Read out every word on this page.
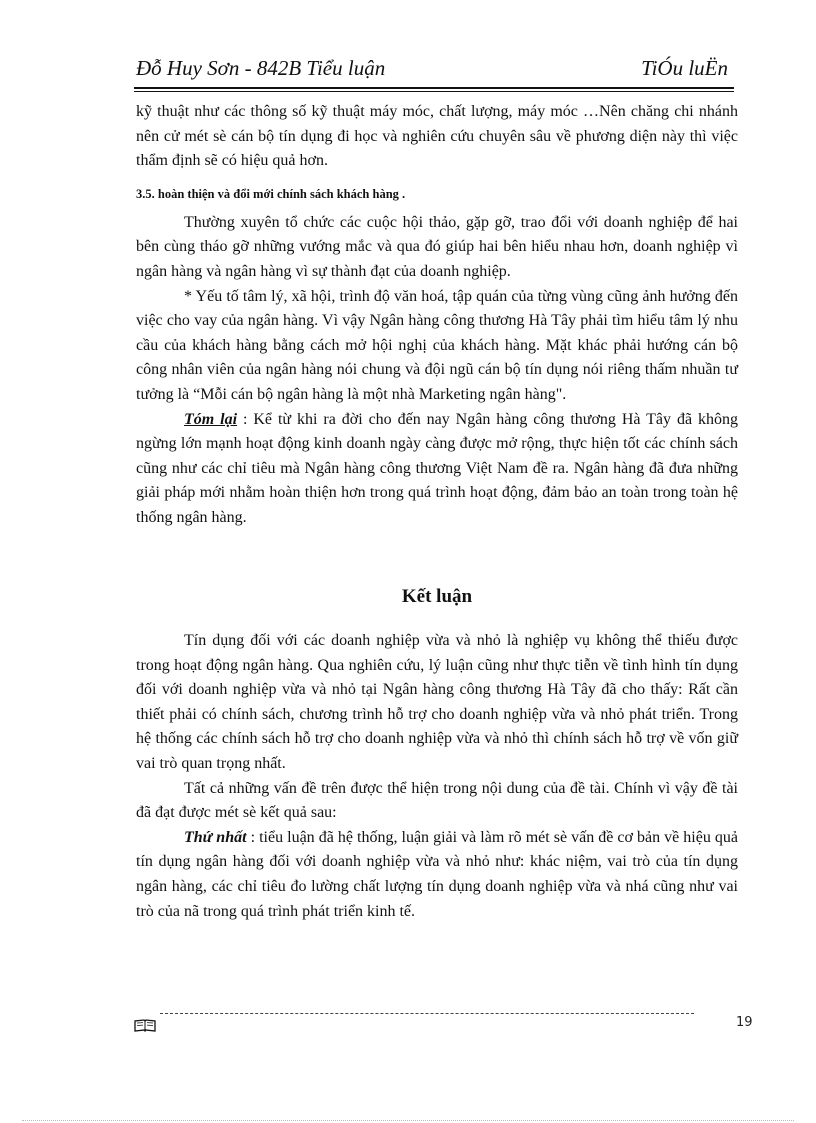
Đỗ Huy Sơn - 842B Tiểu luận	TiÓu luËn

kỹ thuật như các thông số kỹ thuật máy móc, chất lượng, máy móc …Nên chăng chi nhánh nên cử mét sè cán bộ tín dụng đi học và nghiên cứu chuyên sâu về phương diện này thì việc thẩm định sẽ có hiệu quả hơn.

3.5. hoàn thiện và đổi mới chính sách khách hàng .

Thường xuyên tổ chức các cuộc hội thảo, gặp gỡ, trao đổi với doanh nghiệp để hai bên cùng tháo gỡ những vướng mắc và qua đó giúp hai bên hiểu nhau hơn, doanh nghiệp vì ngân hàng và ngân hàng vì sự thành đạt của doanh nghiệp.

* Yếu tố tâm lý, xã hội, trình độ văn hoá, tập quán của từng vùng cũng ảnh hưởng đến việc cho vay của ngân hàng. Vì vậy Ngân hàng công thương Hà Tây phải tìm hiểu tâm lý nhu cầu của khách hàng bằng cách mở hội nghị của khách hàng. Mặt khác phải hướng cán bộ công nhân viên của ngân hàng nói chung và đội ngũ cán bộ tín dụng nói riêng thấm nhuần tư tưởng là “Mỗi cán bộ ngân hàng là một nhà Marketing ngân hàng".

Tóm lại : Kể từ khi ra đời cho đến nay Ngân hàng công thương Hà Tây đã không ngừng lớn mạnh hoạt động kinh doanh ngày càng được mở rộng, thực hiện tốt các chính sách cũng như các chỉ tiêu mà Ngân hàng công thương Việt Nam đề ra. Ngân hàng đã đưa những giải pháp mới nhằm hoàn thiện hơn trong quá trình hoạt động, đảm bảo an toàn trong toàn hệ thống ngân hàng.

Kết luận

Tín dụng đối với các doanh nghiệp vừa và nhỏ là nghiệp vụ không thể thiếu được trong hoạt động ngân hàng. Qua nghiên cứu, lý luận cũng như thực tiễn về tình hình tín dụng đối với doanh nghiệp vừa và nhỏ tại Ngân hàng công thương Hà Tây đã cho thấy: Rất cần thiết phải có chính sách, chương trình hỗ trợ cho doanh nghiệp vừa và nhỏ phát triển. Trong hệ thống các chính sách hỗ trợ cho doanh nghiệp vừa và nhỏ thì chính sách hỗ trợ về vốn giữ vai trò quan trọng nhất.

Tất cả những vấn đề trên được thể hiện trong nội dung của đề tài. Chính vì vậy đề tài đã đạt được mét sè kết quả sau:

Thứ nhất : tiểu luận đã hệ thống, luận giải và làm rõ mét sè vấn đề cơ bản về hiệu quả tín dụng ngân hàng đối với doanh nghiệp vừa và nhỏ như: khác niệm, vai trò của tín dụng ngân hàng, các chỉ tiêu đo lường chất lượng tín dụng doanh nghiệp vừa và nhá cũng như vai trò của nã trong quá trình phát triển kinh tế.

19
